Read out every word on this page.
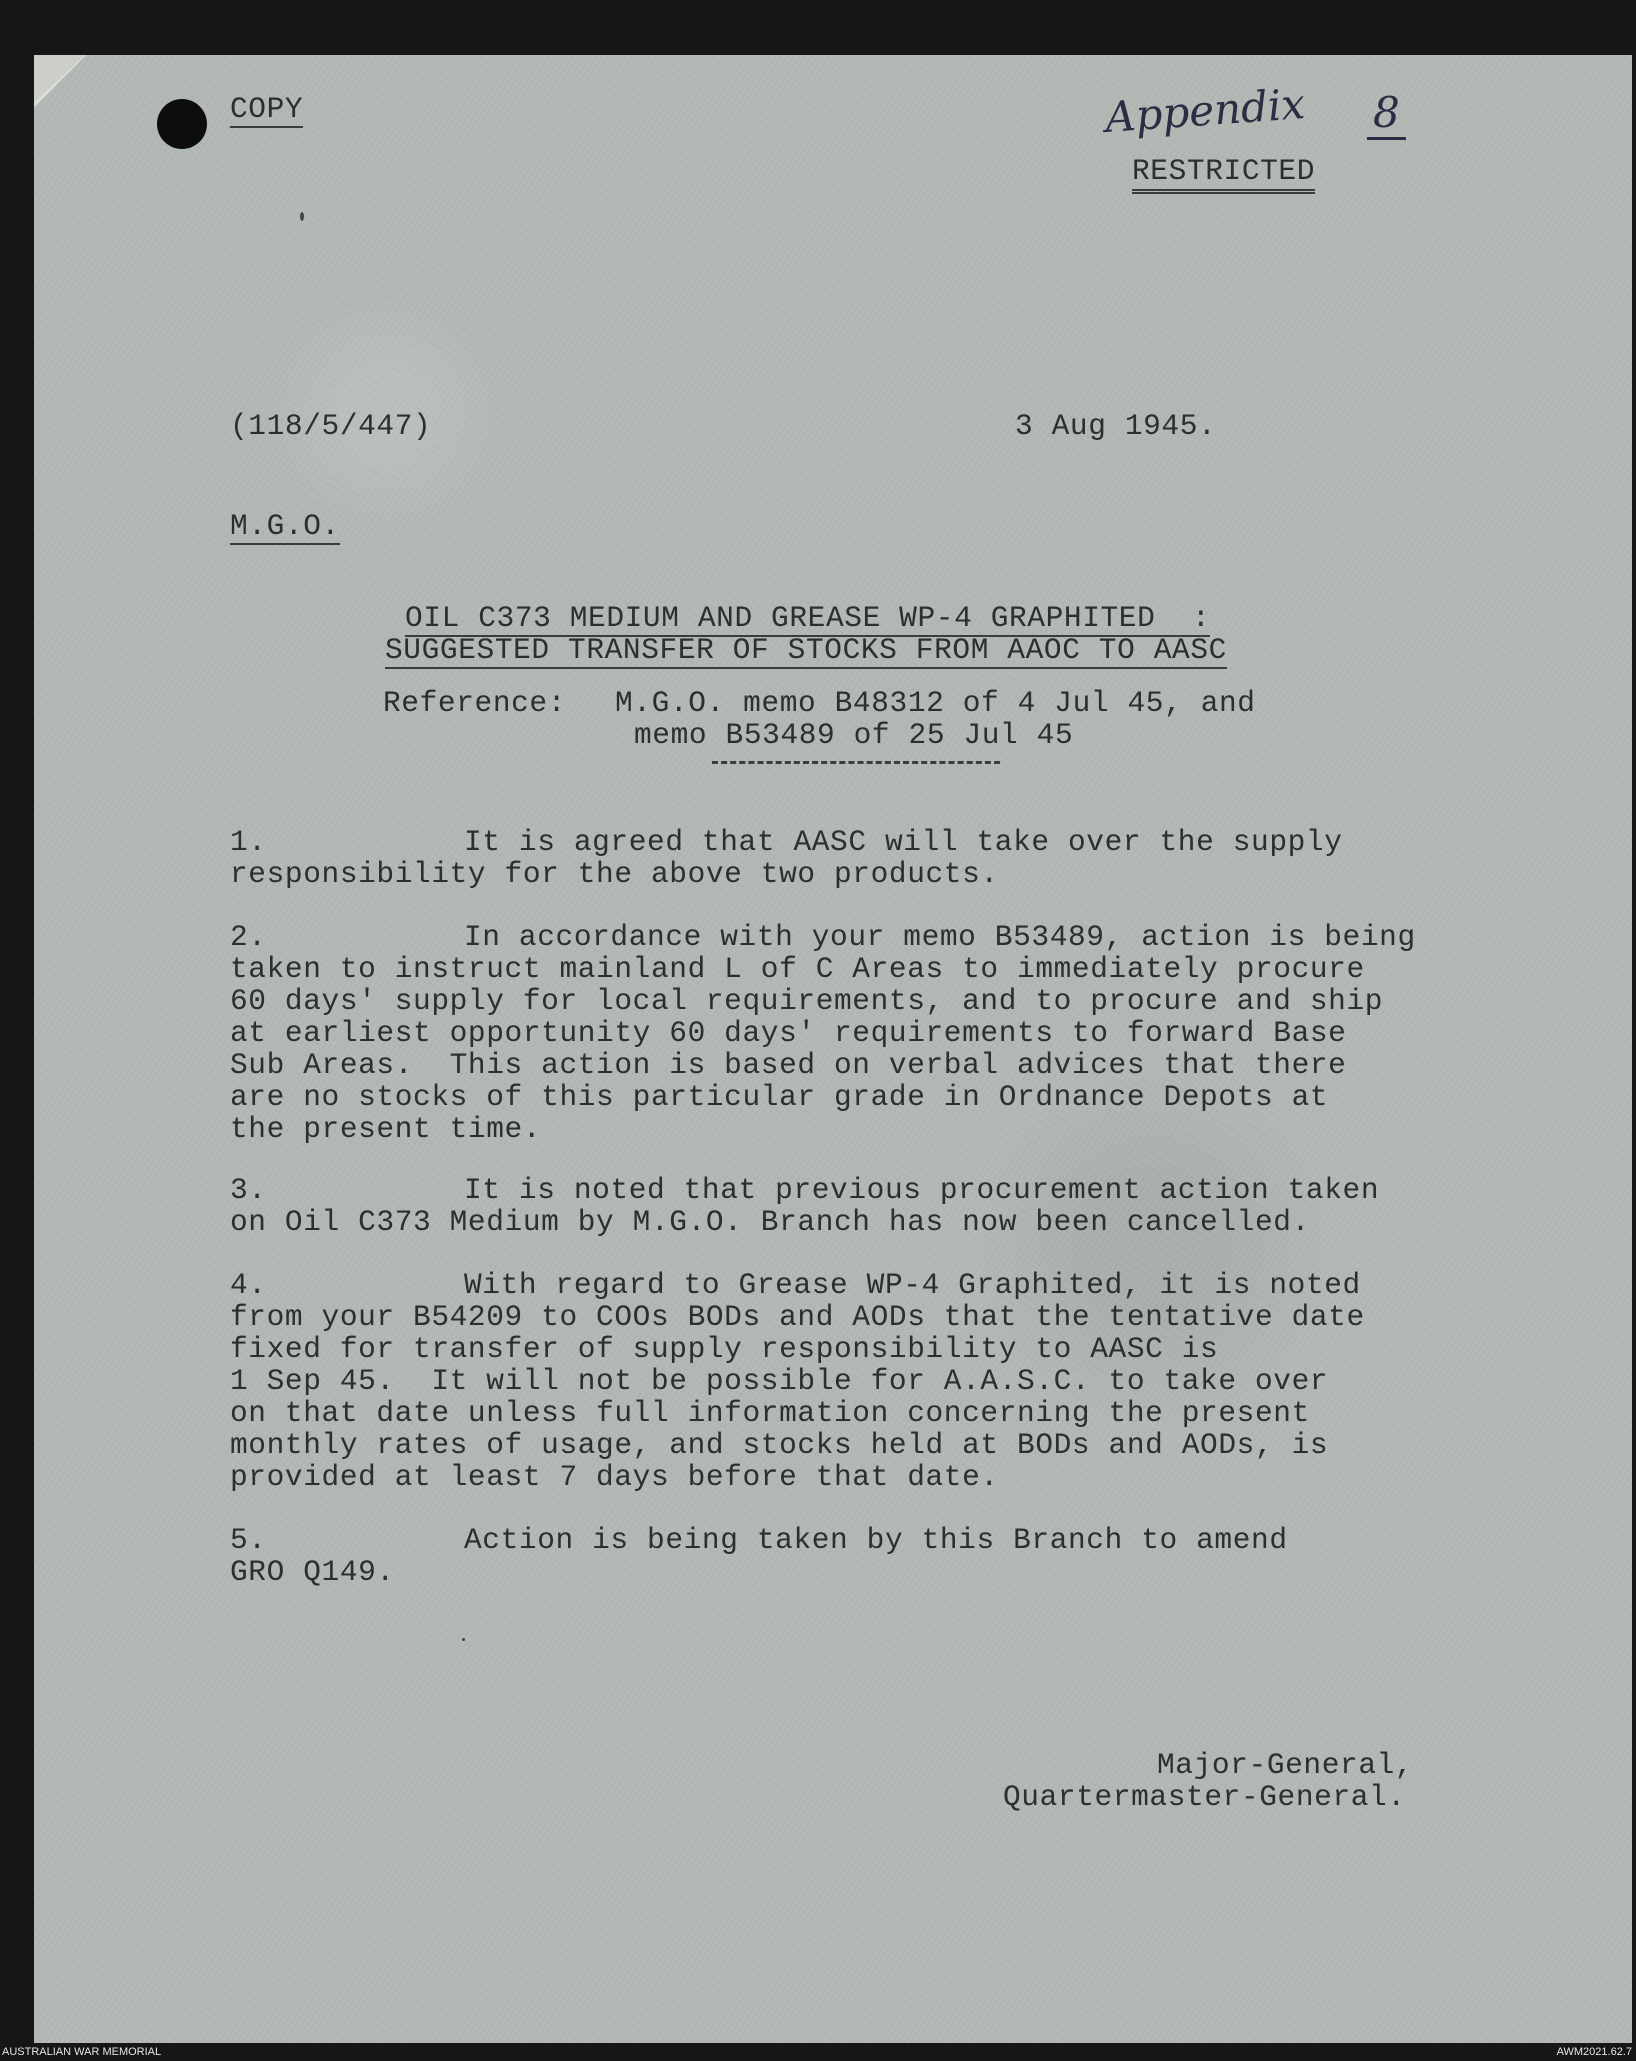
COPY	Appendix 8
RESTRICTED
(118/5/447)	3 Aug 1945.
M.G.O.
OIL C373 MEDIUM AND GREASE WP-4 GRAPHITED  :
SUGGESTED TRANSFER OF STOCKS FROM AAOC TO AASC
Reference: M.G.O. memo B48312 of 4 Jul 45, and
memo B53489 of 25 Jul 45
1.	It is agreed that AASC will take over the supply
responsibility for the above two products.
2.	In accordance with your memo B53489, action is being
taken to instruct mainland L of C Areas to immediately procure
60 days' supply for local requirements, and to procure and ship
at earliest opportunity 60 days' requirements to forward Base
Sub Areas.  This action is based on verbal advices that there
are no stocks of this particular grade in Ordnance Depots at
the present time.
3.	It is noted that previous procurement action taken
on Oil C373 Medium by M.G.O. Branch has now been cancelled.
4.	With regard to Grease WP-4 Graphited, it is noted
from your B54209 to COOs BODs and AODs that the tentative date
fixed for transfer of supply responsibility to AASC is
1 Sep 45.  It will not be possible for A.A.S.C. to take over
on that date unless full information concerning the present
monthly rates of usage, and stocks held at BODs and AODs, is
provided at least 7 days before that date.
5.	Action is being taken by this Branch to amend
GRO Q149.
Major-General,
Quartermaster-General.
AUSTRALIAN WAR MEMORIAL	AWM2021.62.7
